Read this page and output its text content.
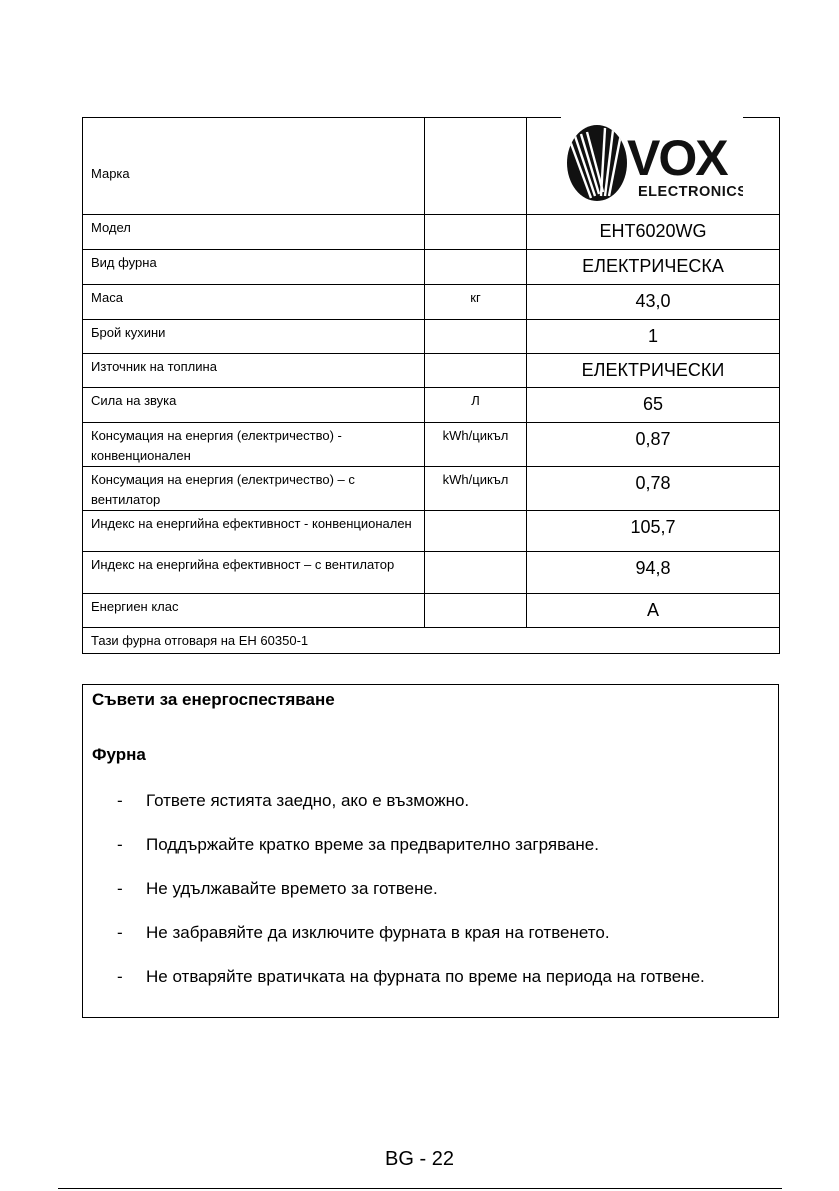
Марка		VOX
ELECTRONICS

Модел		EHT6020WG
Вид фурна		ЕЛЕКТРИЧЕСКА
Маса	кг	43,0
Брой кухини		1
Източник на топлина		ЕЛЕКТРИЧЕСКИ
Сила на звука	Л	65
Консумация на енергия (електричество) - конвенционален	kWh/цикъл	0,87
Консумация на енергия (електричество) – с вентилатор	kWh/цикъл	0,78
Индекс на енергийна ефективност - конвенционален		105,7
Индекс на енергийна ефективност – с вентилатор		94,8
Енергиен клас		A
Тази фурна отговаря на ЕН 60350-1		
Съвети за енергоспестяване
Фурна
- Гответе ястията заедно, ако е възможно.
- Поддържайте кратко време за предварително загряване.
- Не удължавайте времето за готвене.
- Не забравяйте да изключите фурната в края на готвенето.
- Не отваряйте вратичката на фурната по време на периода на готвене.
BG - 22
